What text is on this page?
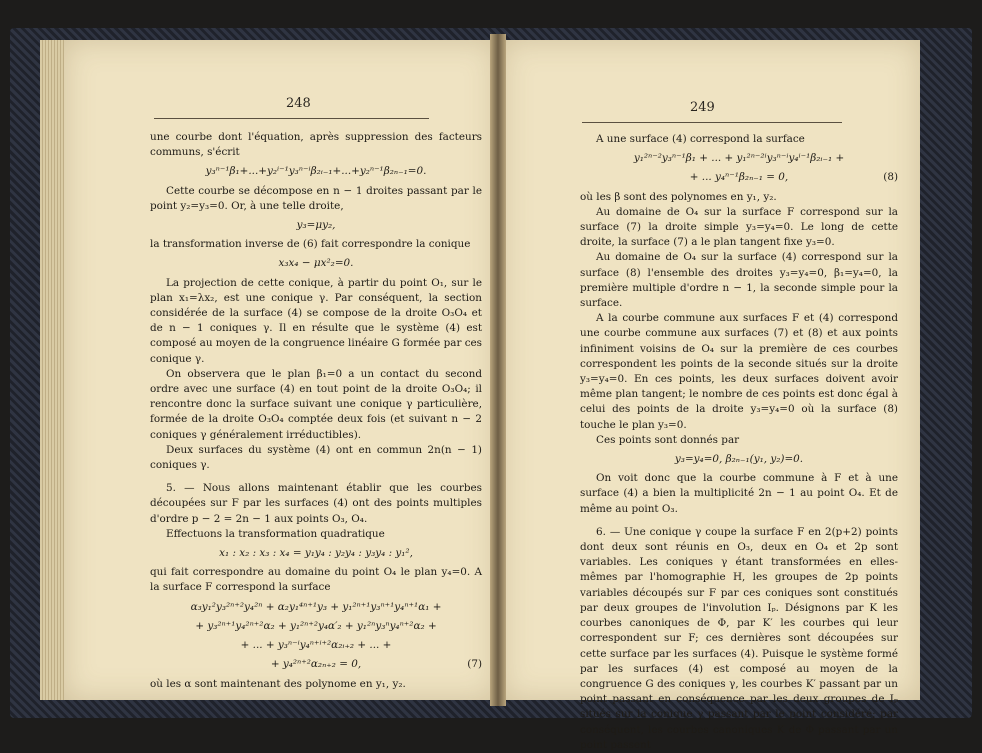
248

une courbe dont l'équation, après suppression des facteurs communs, s'écrit

y₃ⁿ⁻¹β₁+...+y₂ⁱ⁻¹y₃ⁿ⁻ⁱβ₂ᵢ₋₁+...+y₂ⁿ⁻¹β₂ₙ₋₁=0.

Cette courbe se décompose en n − 1 droites passant par le point y₂=y₃=0. Or, à une telle droite,

y₃=μy₂,

la transformation inverse de (6) fait correspondre la conique

x₃x₄ − μx²₂=0.

La projection de cette conique, à partir du point O₁, sur le plan x₁=λx₂, est une conique γ. Par conséquent, la section considérée de la surface (4) se compose de la droite O₃O₄ et de n − 1 coniques γ. Il en résulte que le système (4) est composé au moyen de la congruence linéaire G formée par ces conique γ.

On observera que le plan β₁=0 a un contact du second ordre avec une surface (4) en tout point de la droite O₃O₄; il rencontre donc la surface suivant une conique γ particulière, formée de la droite O₃O₄ comptée deux fois (et suivant n − 2 coniques γ généralement irréductibles).

Deux surfaces du système (4) ont en commun 2n(n − 1) coniques γ.

5. — Nous allons maintenant établir que les courbes découpées sur F par les surfaces (4) ont des points multiples d'ordre p − 2 = 2n − 1 aux points O₃, O₄.

Effectuons la transformation quadratique

x₁ : x₂ : x₃ : x₄ = y₁y₄ : y₂y₄ : y₃y₄ : y₁²,

qui fait correspondre au domaine du point O₄ le plan y₄=0. A la surface F correspond la surface

α₃y₁²y₃²ⁿ⁺²y₄²ⁿ + α₂y₁⁴ⁿ⁺¹y₃ + y₁²ⁿ⁺¹y₃ⁿ⁺¹y₄ⁿ⁺¹α₁ +
+ y₃²ⁿ⁺¹y₄²ⁿ⁺²α₂ + y₁²ⁿ⁺²y₄α′₂ + y₁²ⁿy₃ⁿy₄ⁿ⁺²α₂ +
+ ... + y₃ⁿ⁻ⁱy₄ⁿ⁺ⁱ⁺²α₂ᵢ₊₂ + ... +
+ y₄²ⁿ⁺²α₂ₙ₊₂ = 0,	(7)

où les α sont maintenant des polynome en y₁, y₂.

249

A une surface (4) correspond la surface

y₁²ⁿ⁻²y₃ⁿ⁻¹β₁ + ... + y₁²ⁿ⁻²ⁱy₃ⁿ⁻ⁱy₄ⁱ⁻¹β₂ᵢ₋₁ +
+ ... y₄ⁿ⁻¹β₂ₙ₋₁ = 0,	(8)

où les β sont des polynomes en y₁, y₂.

Au domaine de O₄ sur la surface F correspond sur la surface (7) la droite simple y₃=y₄=0. Le long de cette droite, la surface (7) a le plan tangent fixe y₃=0.

Au domaine de O₄ sur la surface (4) correspond sur la surface (8) l'ensemble des droites y₃=y₄=0, β₁=y₄=0, la première multiple d'ordre n − 1, la seconde simple pour la surface.

A la courbe commune aux surfaces F et (4) correspond une courbe commune aux surfaces (7) et (8) et aux points infiniment voisins de O₄ sur la première de ces courbes correspondent les points de la seconde situés sur la droite y₃=y₄=0. En ces points, les deux surfaces doivent avoir même plan tangent; le nombre de ces points est donc égal à celui des points de la droite y₃=y₄=0 où la surface (8) touche le plan y₃=0.

Ces points sont donnés par

y₃=y₄=0, β₂ₙ₋₁(y₁, y₂)=0.

On voit donc que la courbe commune à F et à une surface (4) a bien la multiplicité 2n − 1 au point O₄. Et de même au point O₃.

6. — Une conique γ coupe la surface F en 2(p+2) points dont deux sont réunis en O₃, deux en O₄ et 2p sont variables. Les coniques γ étant transformées en elles-mêmes par l'homographie H, les groupes de 2p points variables découpés sur F par ces coniques sont constitués par deux groupes de l'involution Iₚ. Désignons par K les courbes canoniques de Φ, par K′ les courbes qui leur correspondent sur F; ces dernières sont découpées sur cette surface par les surfaces (4). Puisque le système formé par les surfaces (4) est composé au moyen de la congruence G des coniques γ, les courbes K′ passant par un point passant en conséquence par les deux groupes de Iₚ situés sur la conique γ passant par le point considéré; par conséquent, les courbes canoniques K de Φ passant par un point passent
